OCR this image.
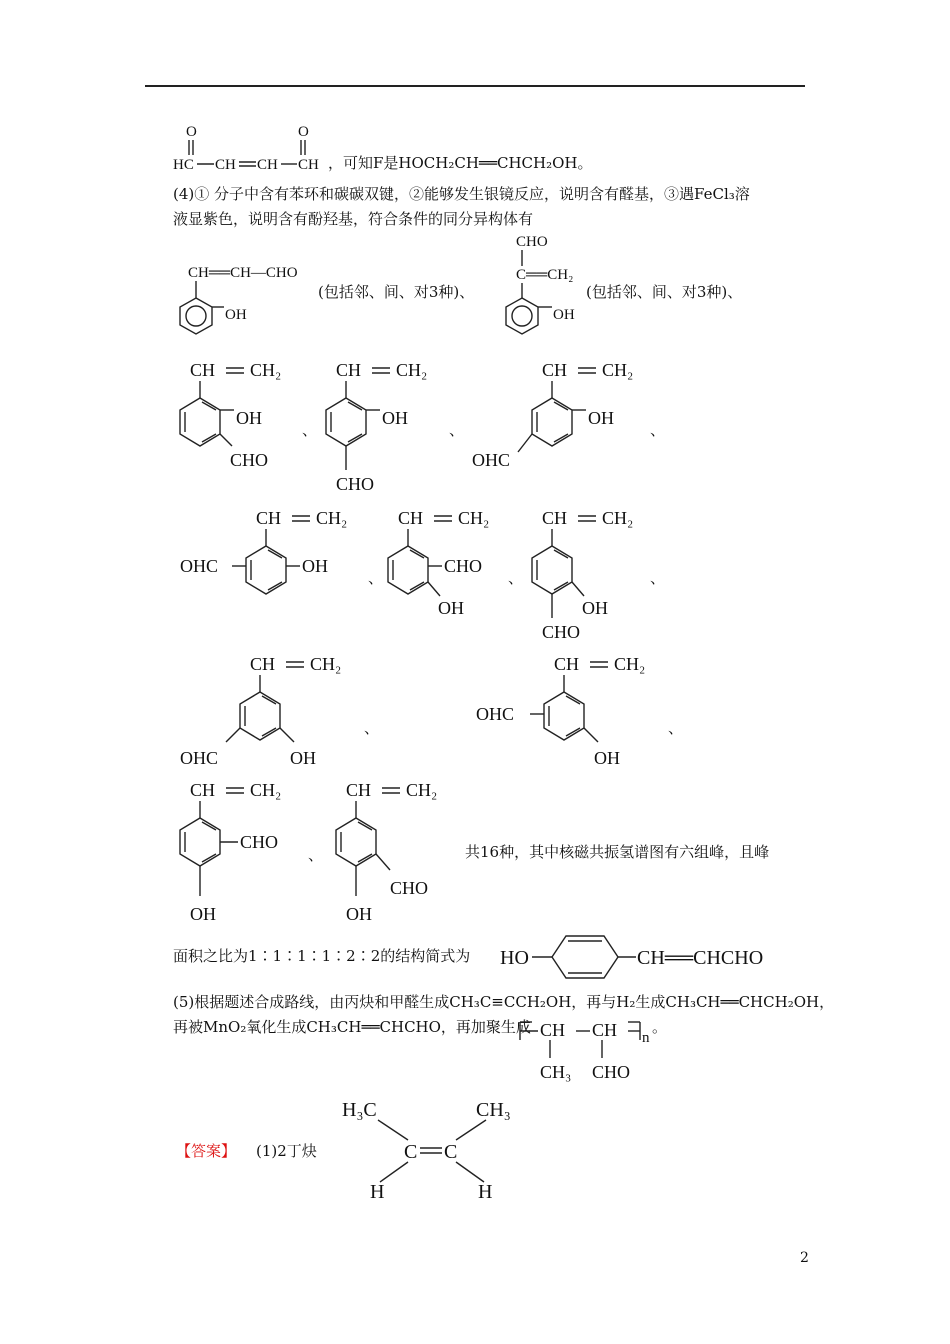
，可知F是HOCH₂CH══CHCH₂OH。
(4)① 分子中含有苯环和碳碳双键，②能够发生银镜反应，说明含有醛基，③遇FeCl₃溶
液显紫色，说明含有酚羟基，符合条件的同分异构体有
(包括邻、间、对3种)、	(包括邻、间、对3种)、
、	、	、
、	、	、
、	、
、	共16种，其中核磁共振氢谱图有六组峰，且峰
面积之比为1∶1∶1∶1∶2∶2的结构简式为
(5)根据题述合成路线，由丙炔和甲醛生成CH₃C≡CCH₂OH，再与H₂生成CH₃CH══CHCH₂OH，
再被MnO₂氧化生成CH₃CH══CHCHO，再加聚生成	。
【答案】 (1)2丁炔
2
O	O
HC CH CH CH
CH══CH—CHO
OH
CHO
C══CH₂
OH
CH CH₂
OH
CHO
CH CH₂
OH
CHO
CH CH₂
OH
OHC
CH CH₂
OH
OHC
CH CH₂
CHO
OH
CH CH₂
OH
CHO
CH CH₂
OH
OHC
CH CH₂
OHC
OH
CH CH₂
CHO
OH
CH CH₂
CHO
OH
HO	CH══CHCHO
CH CH n
CH₃ CHO
H₃C	CH₃
C C
H	H
